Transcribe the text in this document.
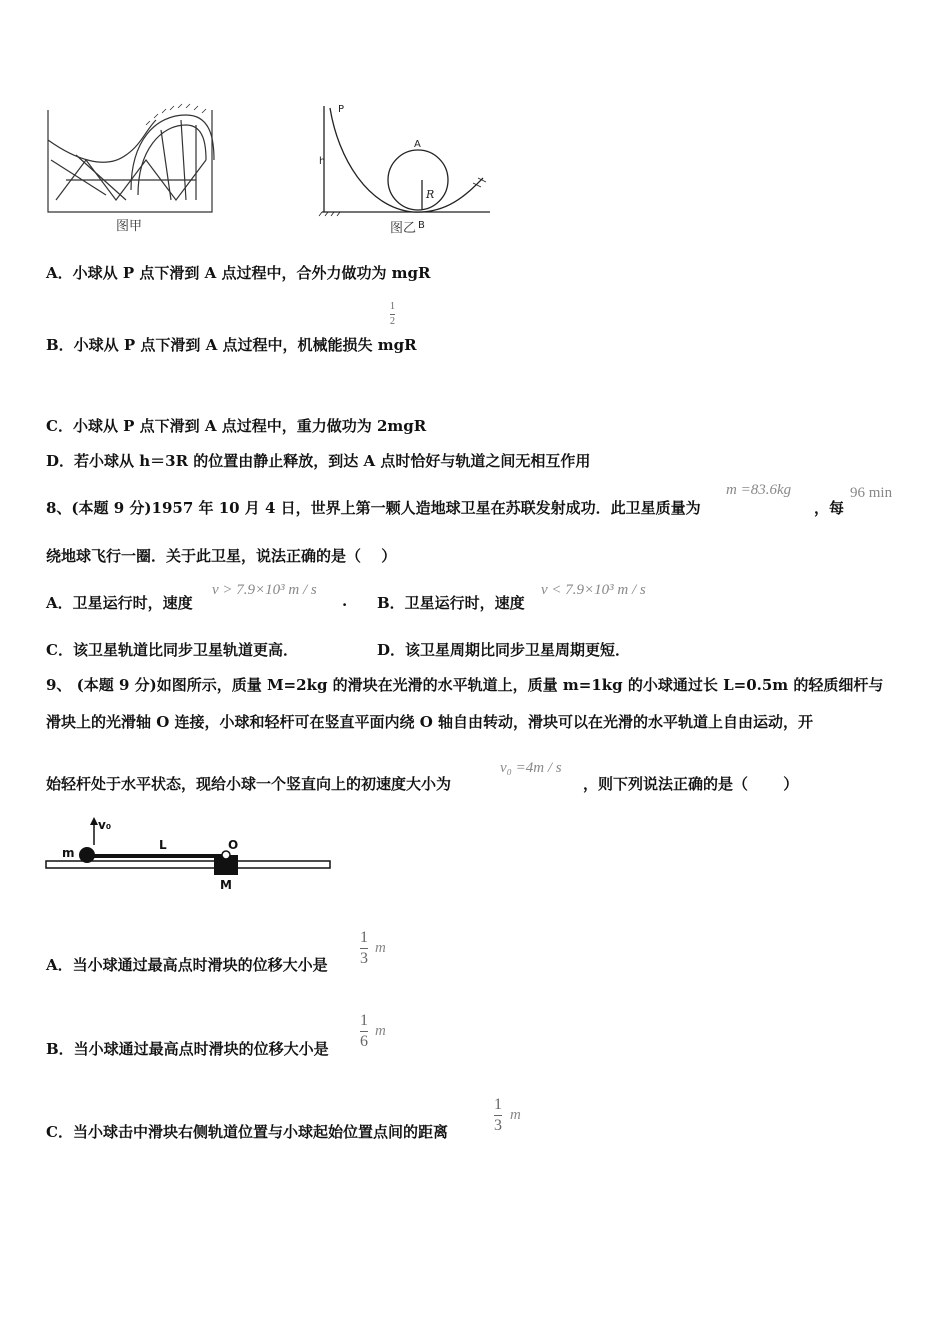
图甲
P
h
A
R
图乙 B
A．小球从 P 点下滑到 A 点过程中，合外力做功为 mgR
1
2
B．小球从 P 点下滑到 A 点过程中，机械能损失 mgR
C．小球从 P 点下滑到 A 点过程中，重力做功为 2mgR
D．若小球从 h＝3R 的位置由静止释放，到达 A 点时恰好与轨道之间无相互作用
8、(本题 9 分)1957 年 10 月 4 日，世界上第一颗人造地球卫星在苏联发射成功．此卫星质量为
m =83.6kg
，每
96 min
绕地球飞行一圈．关于此卫星，说法正确的是（　 ）
A．卫星运行时，速度
v > 7.9×10³ m / s
. B．卫星运行时，速度
v < 7.9×10³ m / s
C．该卫星轨道比同步卫星轨道更高．	D．该卫星周期比同步卫星周期更短．
9、 (本题 9 分)如图所示，质量 M=2kg 的滑块在光滑的水平轨道上，质量 m=1kg 的小球通过长 L=0.5m 的轻质细杆与
滑块上的光滑轴 O 连接，小球和轻杆可在竖直平面内绕 O 轴自由转动，滑块可以在光滑的水平轨道上自由运动，开
始轻杆处于水平状态，现给小球一个竖直向上的初速度大小为
v₀ =4m / s
，则下列说法正确的是（　　 ）
v₀
m
L	O
M
A．当小球通过最高点时滑块的位移大小是
1
3
m
B．当小球通过最高点时滑块的位移大小是
1
6
m
C．当小球击中滑块右侧轨道位置与小球起始位置点间的距离
1
3
m
